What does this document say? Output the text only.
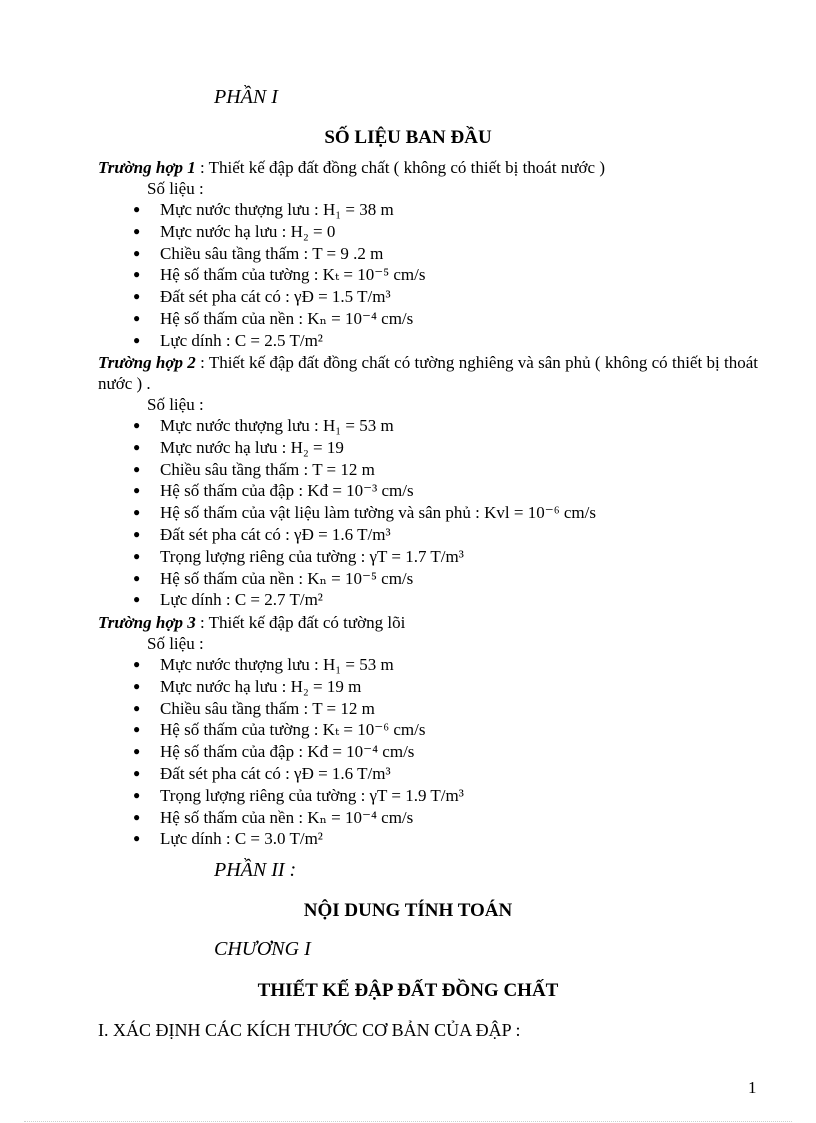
PHẦN I
SỐ LIỆU BAN ĐẦU
Trường hợp 1 : Thiết kế đập đất đồng chất ( không có thiết bị thoát nước )
Số liệu :
● Mực nước thượng lưu : H₁ = 38 m
● Mực nước hạ lưu : H₂ = 0
● Chiều sâu tầng thấm : T = 9 .2 m
● Hệ số thấm của tường : Kₜ = 10⁻⁵ cm/s
● Đất sét pha cát có : γĐ = 1.5 T/m³
● Hệ số thấm của nền : Kₙ = 10⁻⁴ cm/s
● Lực dính : C = 2.5 T/m²
Trường hợp 2 : Thiết kế đập đất đồng chất có tường nghiêng và sân phủ ( không có thiết bị thoát nước ) .
Số liệu :
● Mực nước thượng lưu : H₁ = 53 m
● Mực nước hạ lưu : H₂ = 19
● Chiều sâu tầng thấm : T = 12 m
● Hệ số thấm của đập : Kđ = 10⁻³ cm/s
● Hệ số thấm của vật liệu làm tường và sân phủ : Kvl = 10⁻⁶ cm/s
● Đất sét pha cát có : γĐ = 1.6 T/m³
● Trọng lượng riêng của tường : γT = 1.7 T/m³
● Hệ số thấm của nền : Kₙ = 10⁻⁵ cm/s
● Lực dính : C = 2.7 T/m²
Trường hợp 3 : Thiết kế đập đất có tường lõi
Số liệu :
● Mực nước thượng lưu : H₁ = 53 m
● Mực nước hạ lưu : H₂ = 19 m
● Chiều sâu tầng thấm : T = 12 m
● Hệ số thấm của tường : Kₜ = 10⁻⁶ cm/s
● Hệ số thấm của đập : Kđ = 10⁻⁴ cm/s
● Đất sét pha cát có : γĐ = 1.6 T/m³
● Trọng lượng riêng của tường : γT = 1.9 T/m³
● Hệ số thấm của nền : Kₙ = 10⁻⁴ cm/s
● Lực dính : C = 3.0 T/m²
PHẦN II :
NỘI DUNG TÍNH TOÁN
CHƯƠNG I
THIẾT KẾ ĐẬP ĐẤT ĐỒNG CHẤT
I. XÁC ĐỊNH CÁC KÍCH THƯỚC CƠ BẢN CỦA ĐẬP :
1
